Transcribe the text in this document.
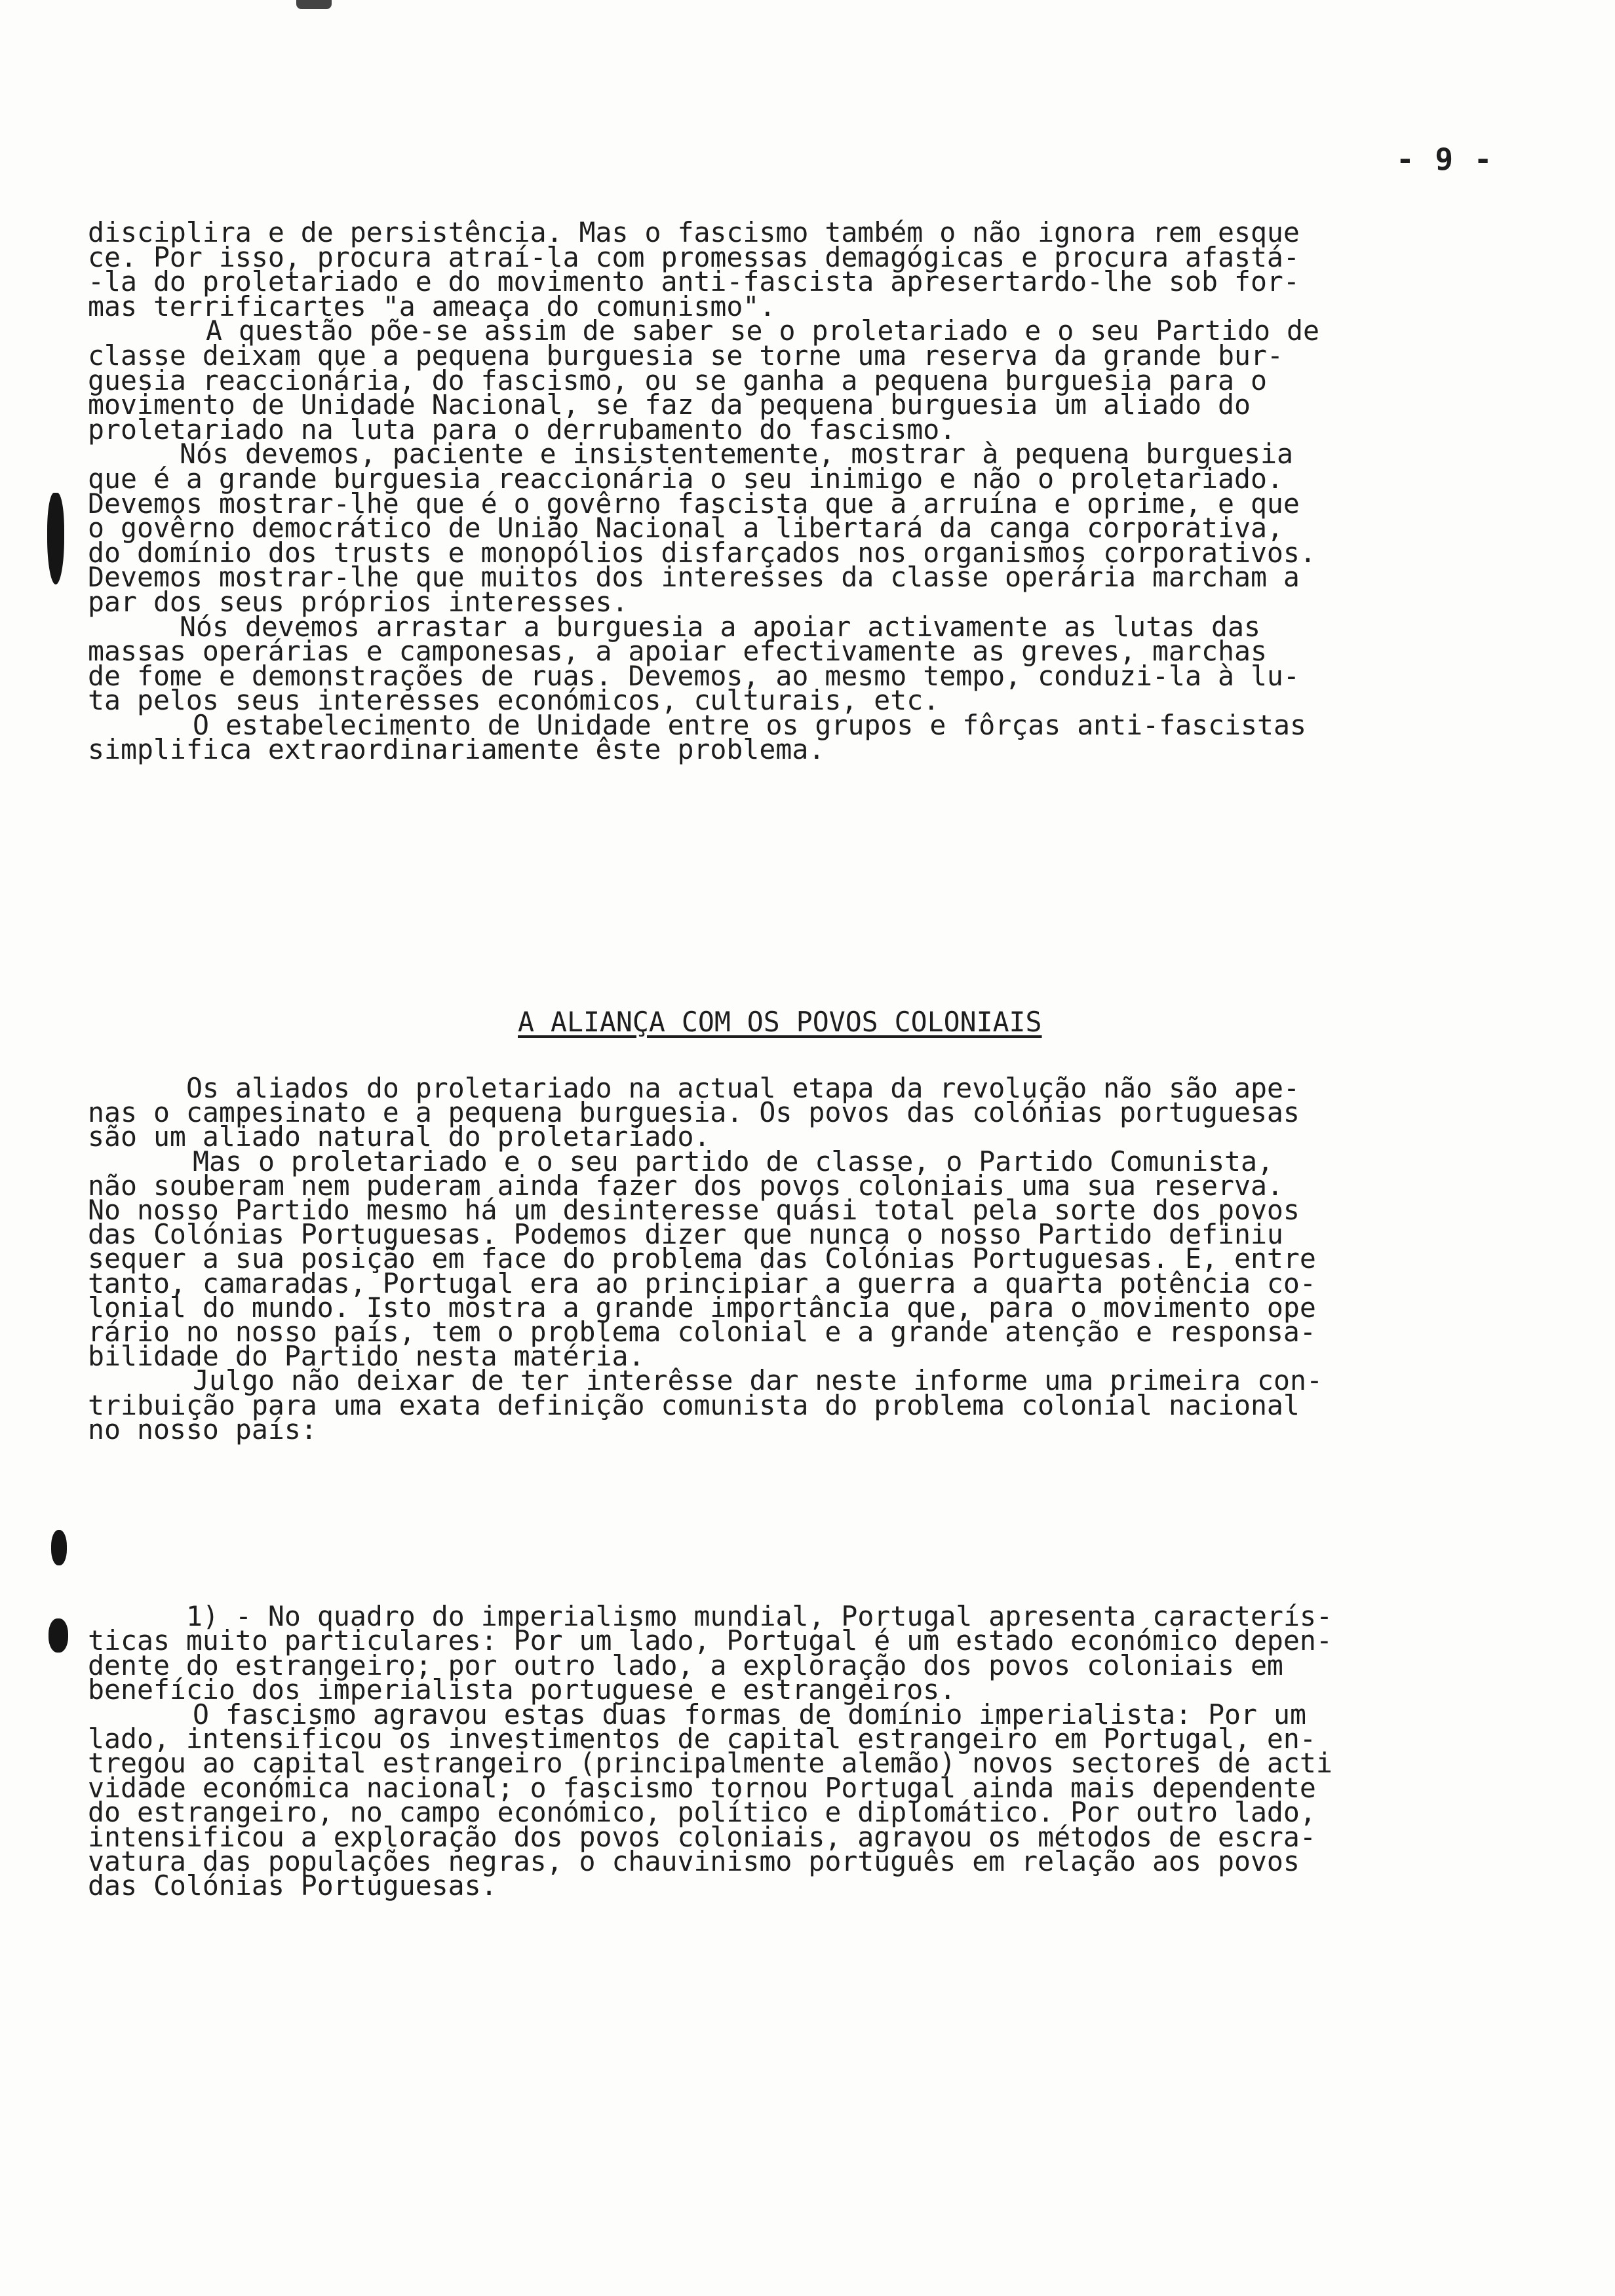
- 9 -
disciplira e de persistência. Mas o fascismo também o não ignora rem esque
ce. Por isso, procura atraí-la com promessas demagógicas e procura afastá-
-la do proletariado e do movimento anti-fascista apresertardo-lhe sob for-
mas terrificartes "a ameaça do comunismo".
A questão põe-se assim de saber se o proletariado e o seu Partido de
classe deixam que a pequena burguesia se torne uma reserva da grande bur-
guesia reaccionária, do fascismo, ou se ganha a pequena burguesia para o
movimento de Unidade Nacional, se faz da pequena burguesia um aliado do
proletariado na luta para o derrubamento do fascismo.
Nós devemos, paciente e insistentemente, mostrar à pequena burguesia
que é a grande burguesia reaccionária o seu inimigo e não o proletariado.
Devemos mostrar-lhe que é o govêrno fascista que a arruína e oprime, e que
o govêrno democrático de União Nacional a libertará da canga corporativa,
do domínio dos trusts e monopólios disfarçados nos organismos corporativos.
Devemos mostrar-lhe que muitos dos interesses da classe operária marcham a
par dos seus próprios interesses.
Nós devemos arrastar a burguesia a apoiar activamente as lutas das
massas operárias e camponesas, a apoiar efectivamente as greves, marchas
de fome e demonstrações de ruas. Devemos, ao mesmo tempo, conduzi-la à lu-
ta pelos seus interesses económicos, culturais, etc.
O estabelecimento de Unidade entre os grupos e fôrças anti-fascistas
simplifica extraordinariamente êste problema.
A ALIANÇA COM OS POVOS COLONIAIS
Os aliados do proletariado na actual etapa da revolução não são ape-
nas o campesinato e a pequena burguesia. Os povos das colónias portuguesas
são um aliado natural do proletariado.
Mas o proletariado e o seu partido de classe, o Partido Comunista,
não souberam nem puderam ainda fazer dos povos coloniais uma sua reserva.
No nosso Partido mesmo há um desinteresse quási total pela sorte dos povos
das Colónias Portuguesas. Podemos dizer que nunca o nosso Partido definiu
sequer a sua posição em face do problema das Colónias Portuguesas. E, entre
tanto, camaradas, Portugal era ao principiar a guerra a quarta potência co-
lonial do mundo. Isto mostra a grande importância que, para o movimento ope
rário no nosso país, tem o problema colonial e a grande atenção e responsa-
bilidade do Partido nesta matéria.
Julgo não deixar de ter interêsse dar neste informe uma primeira con-
tribuição para uma exata definição comunista do problema colonial nacional
no nosso país:
1) - No quadro do imperialismo mundial, Portugal apresenta caracterís-
ticas muito particulares: Por um lado, Portugal é um estado económico depen-
dente do estrangeiro; por outro lado, a exploração dos povos coloniais em
benefício dos imperialista portuguese e estrangeiros.
O fascismo agravou estas duas formas de domínio imperialista: Por um
lado, intensificou os investimentos de capital estrangeiro em Portugal, en-
tregou ao capital estrangeiro (principalmente alemão) novos sectores de acti
vidade económica nacional; o fascismo tornou Portugal ainda mais dependente
do estrangeiro, no campo económico, político e diplomático. Por outro lado,
intensificou a exploração dos povos coloniais, agravou os métodos de escra-
vatura das populações negras, o chauvinismo português em relação aos povos
das Colónias Portuguesas.
